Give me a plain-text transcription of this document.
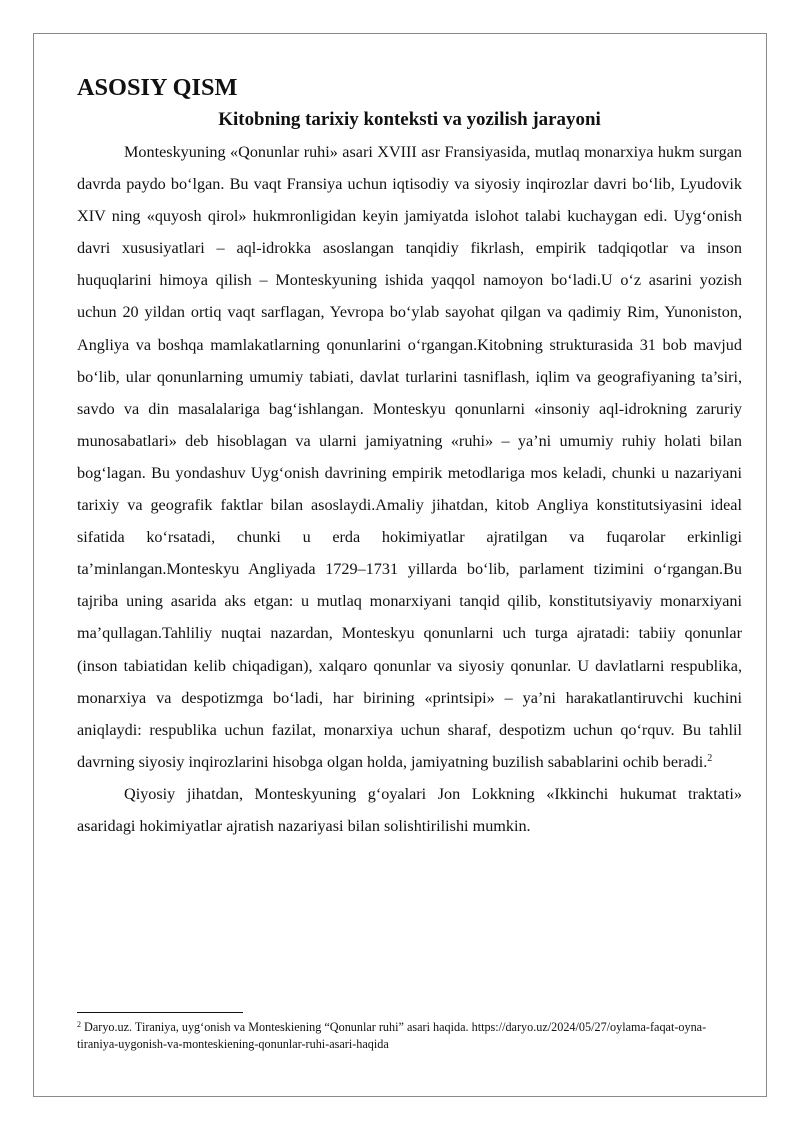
ASOSIY QISM
Kitobning tarixiy konteksti va yozilish jarayoni

Monteskyuning «Qonunlar ruhi» asari XVIII asr Fransiyasida, mutlaq monarxiya hukm surgan davrda paydo bo‘lgan. Bu vaqt Fransiya uchun iqtisodiy va siyosiy inqirozlar davri bo‘lib, Lyudovik XIV ning «quyosh qirol» hukmronligidan keyin jamiyatda islohot talabi kuchaygan edi. Uyg‘onish davri xususiyatlari – aql-idrokka asoslangan tanqidiy fikrlash, empirik tadqiqotlar va inson huquqlarini himoya qilish – Monteskyuning ishida yaqqol namoyon bo‘ladi.U o‘z asarini yozish uchun 20 yildan ortiq vaqt sarflagan, Yevropa bo‘ylab sayohat qilgan va qadimiy Rim, Yunoniston, Angliya va boshqa mamlakatlarning qonunlarini o‘rgangan.Kitobning strukturasida 31 bob mavjud bo‘lib, ular qonunlarning umumiy tabiati, davlat turlarini tasniflash, iqlim va geografiyaning ta’siri, savdo va din masalalariga bag‘ishlangan. Monteskyu qonunlarni «insoniy aql-idrokning zaruriy munosabatlari» deb hisoblagan va ularni jamiyatning «ruhi» – ya’ni umumiy ruhiy holati bilan bog‘lagan. Bu yondashuv Uyg‘onish davrining empirik metodlariga mos keladi, chunki u nazariyani tarixiy va geografik faktlar bilan asoslaydi.Amaliy jihatdan, kitob Angliya konstitutsiyasini ideal sifatida ko‘rsatadi, chunki u erda hokimiyatlar ajratilgan va fuqarolar erkinligi ta’minlangan.Monteskyu Angliyada 1729–1731 yillarda bo‘lib, parlament tizimini o‘rgangan.Bu tajriba uning asarida aks etgan: u mutlaq monarxiyani tanqid qilib, konstitutsiyaviy monarxiyani ma’qullagan.Tahliliy nuqtai nazardan, Monteskyu qonunlarni uch turga ajratadi: tabiiy qonunlar (inson tabiatidan kelib chiqadigan), xalqaro qonunlar va siyosiy qonunlar. U davlatlarni respublika, monarxiya va despotizmga bo‘ladi, har birining «printsipi» – ya’ni harakatlantiruvchi kuchini aniqlaydi: respublika uchun fazilat, monarxiya uchun sharaf, despotizm uchun qo‘rquv. Bu tahlil davrning siyosiy inqirozlarini hisobga olgan holda, jamiyatning buzilish sabablarini ochib beradi.$^2$

Qiyosiy jihatdan, Monteskyuning g‘oyalari Jon Lokkning «Ikkinchi hukumat traktati» asaridagi hokimiyatlar ajratish nazariyasi bilan solishtirilishi mumkin.

$^2$ Daryo.uz. Tiraniya, uyg‘onish va Monteskiening “Qonunlar ruhi” asari haqida. https://daryo.uz/2024/05/27/oylama-faqat-oyna-tiraniya-uygonish-va-monteskiening-qonunlar-ruhi-asari-haqida
